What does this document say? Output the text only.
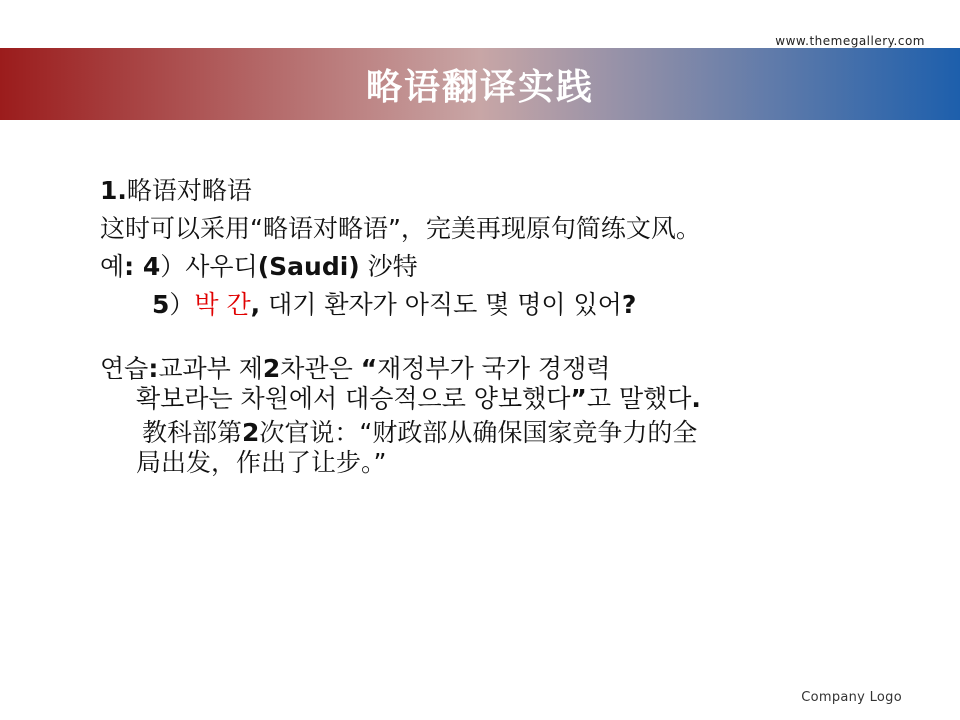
www.themegallery.com
略语翻译实践
1.略语对略语
这时可以采用“略语对略语”，完美再现原句简练文风。
예: 4）사우디(Saudi) 沙特
5）박 간, 대기 환자가 아직도 몇 명이 있어?
연습:교과부 제2차관은 “재정부가 국가 경쟁력
확보라는 차원에서 대승적으로 양보했다”고 말했다.
教科部第2次官说：“财政部从确保国家竞争力的全
局出发，作出了让步。”
Company Logo
